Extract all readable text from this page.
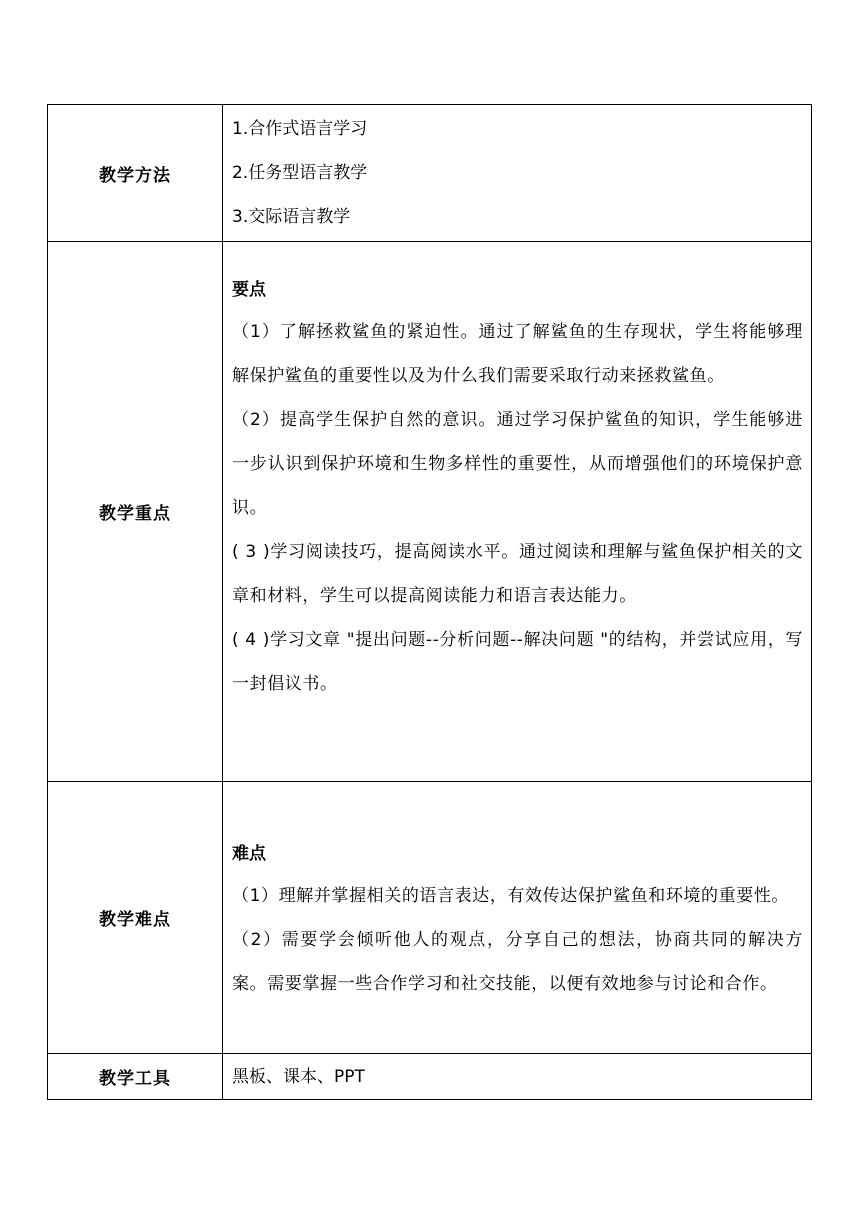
教学方法	1.合作式语言学习
2.任务型语言教学
3.交际语言教学

教学重点	要点
（1）了解拯救鲨鱼的紧迫性。通过了解鲨鱼的生存现状，学生将能够理解保护鲨鱼的重要性以及为什么我们需要采取行动来拯救鲨鱼。
（2）提高学生保护自然的意识。通过学习保护鲨鱼的知识，学生能够进一步认识到保护环境和生物多样性的重要性，从而增强他们的环境保护意识。
( 3 )学习阅读技巧，提高阅读水平。通过阅读和理解与鲨鱼保护相关的文章和材料，学生可以提高阅读能力和语言表达能力。
( 4 )学习文章 "提出问题--分析问题--解决问题 "的结构，并尝试应用，写一封倡议书。

教学难点	难点
（1）理解并掌握相关的语言表达，有效传达保护鲨鱼和环境的重要性。
（2）需要学会倾听他人的观点，分享自己的想法，协商共同的解决方案。需要掌握一些合作学习和社交技能，以便有效地参与讨论和合作。

教学工具	黑板、课本、PPT
